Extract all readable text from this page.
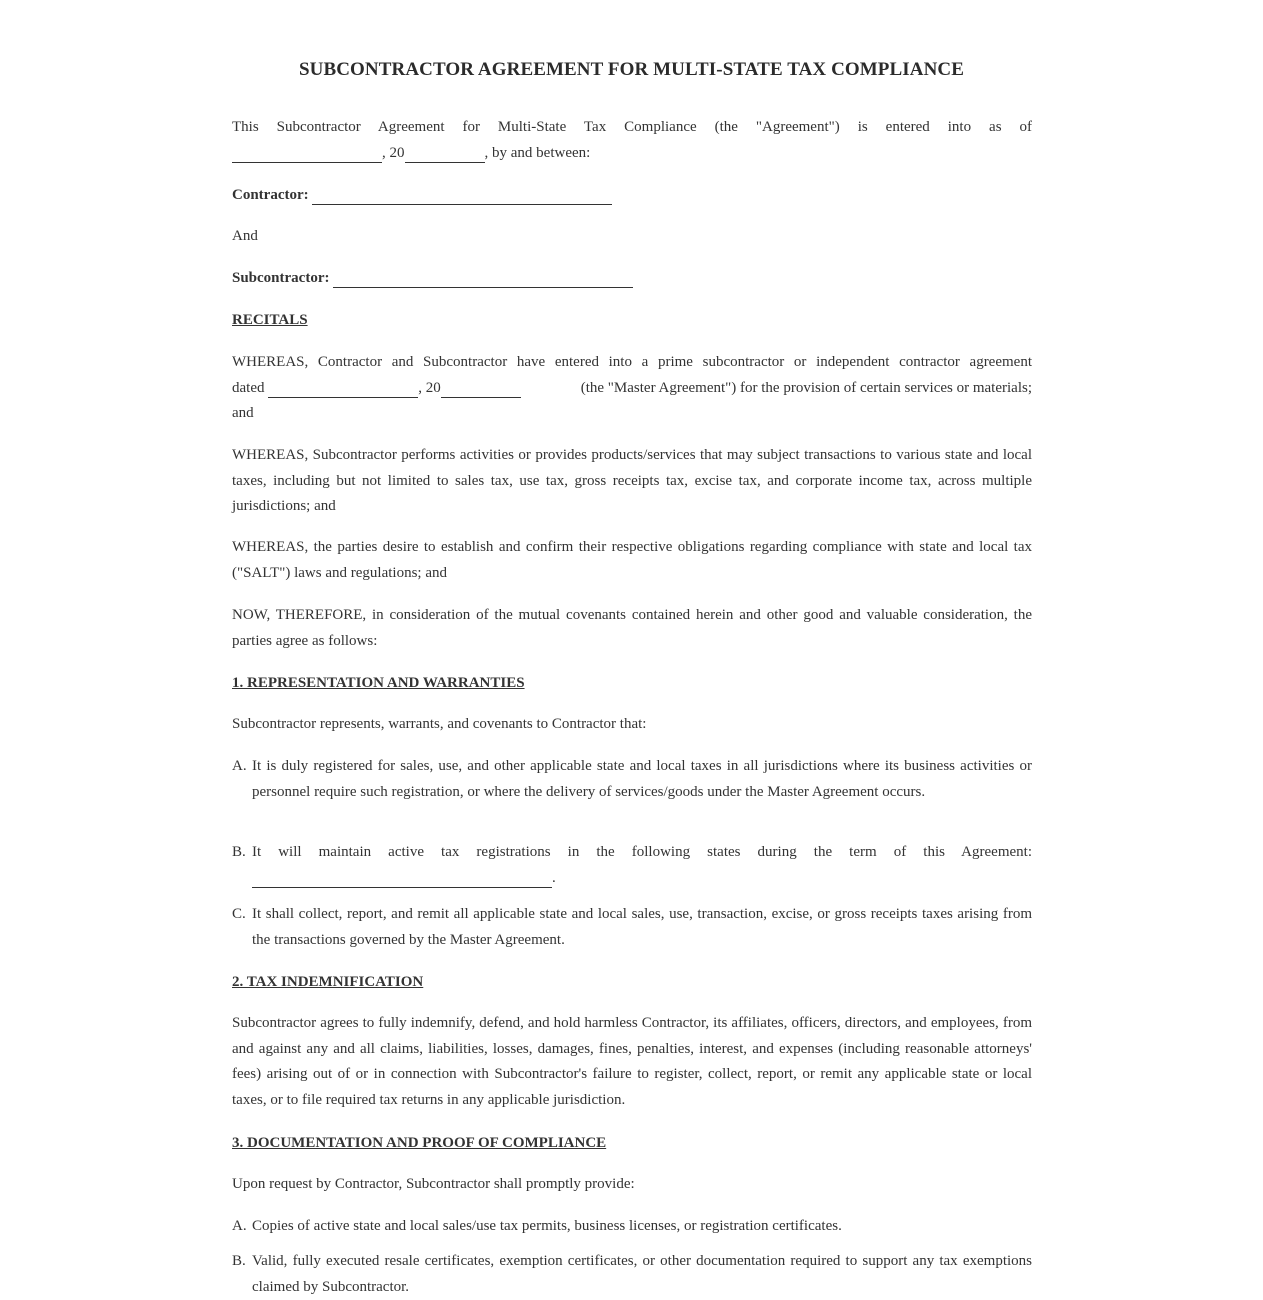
SUBCONTRACTOR AGREEMENT FOR MULTI-STATE TAX COMPLIANCE
This Subcontractor Agreement for Multi-State Tax Compliance (the "Agreement") is entered into as of
, 20	, by and between:
Contractor:
And
Subcontractor:
RECITALS
WHEREAS, Contractor and Subcontractor have entered into a prime subcontractor or independent contractor agreement
dated	, 20	(the "Master Agreement") for the provision of certain services or materials;
and
WHEREAS, Subcontractor performs activities or provides products/services that may subject transactions to various state and local taxes, including but not limited to sales tax, use tax, gross receipts tax, excise tax, and corporate income tax, across multiple jurisdictions; and
WHEREAS, the parties desire to establish and confirm their respective obligations regarding compliance with state and local tax ("SALT") laws and regulations; and
NOW, THEREFORE, in consideration of the mutual covenants contained herein and other good and valuable consideration, the parties agree as follows:
1. REPRESENTATION AND WARRANTIES
Subcontractor represents, warrants, and covenants to Contractor that:
A. It is duly registered for sales, use, and other applicable state and local taxes in all jurisdictions where its business activities or personnel require such registration, or where the delivery of services/goods under the Master Agreement occurs.
B. It will maintain active tax registrations in the following states during the term of this Agreement:
.
C. It shall collect, report, and remit all applicable state and local sales, use, transaction, excise, or gross receipts taxes arising from the transactions governed by the Master Agreement.
2. TAX INDEMNIFICATION
Subcontractor agrees to fully indemnify, defend, and hold harmless Contractor, its affiliates, officers, directors, and employees, from and against any and all claims, liabilities, losses, damages, fines, penalties, interest, and expenses (including reasonable attorneys' fees) arising out of or in connection with Subcontractor's failure to register, collect, report, or remit any applicable state or local taxes, or to file required tax returns in any applicable jurisdiction.
3. DOCUMENTATION AND PROOF OF COMPLIANCE
Upon request by Contractor, Subcontractor shall promptly provide:
A. Copies of active state and local sales/use tax permits, business licenses, or registration certificates.
B. Valid, fully executed resale certificates, exemption certificates, or other documentation required to support any tax exemptions claimed by Subcontractor.
